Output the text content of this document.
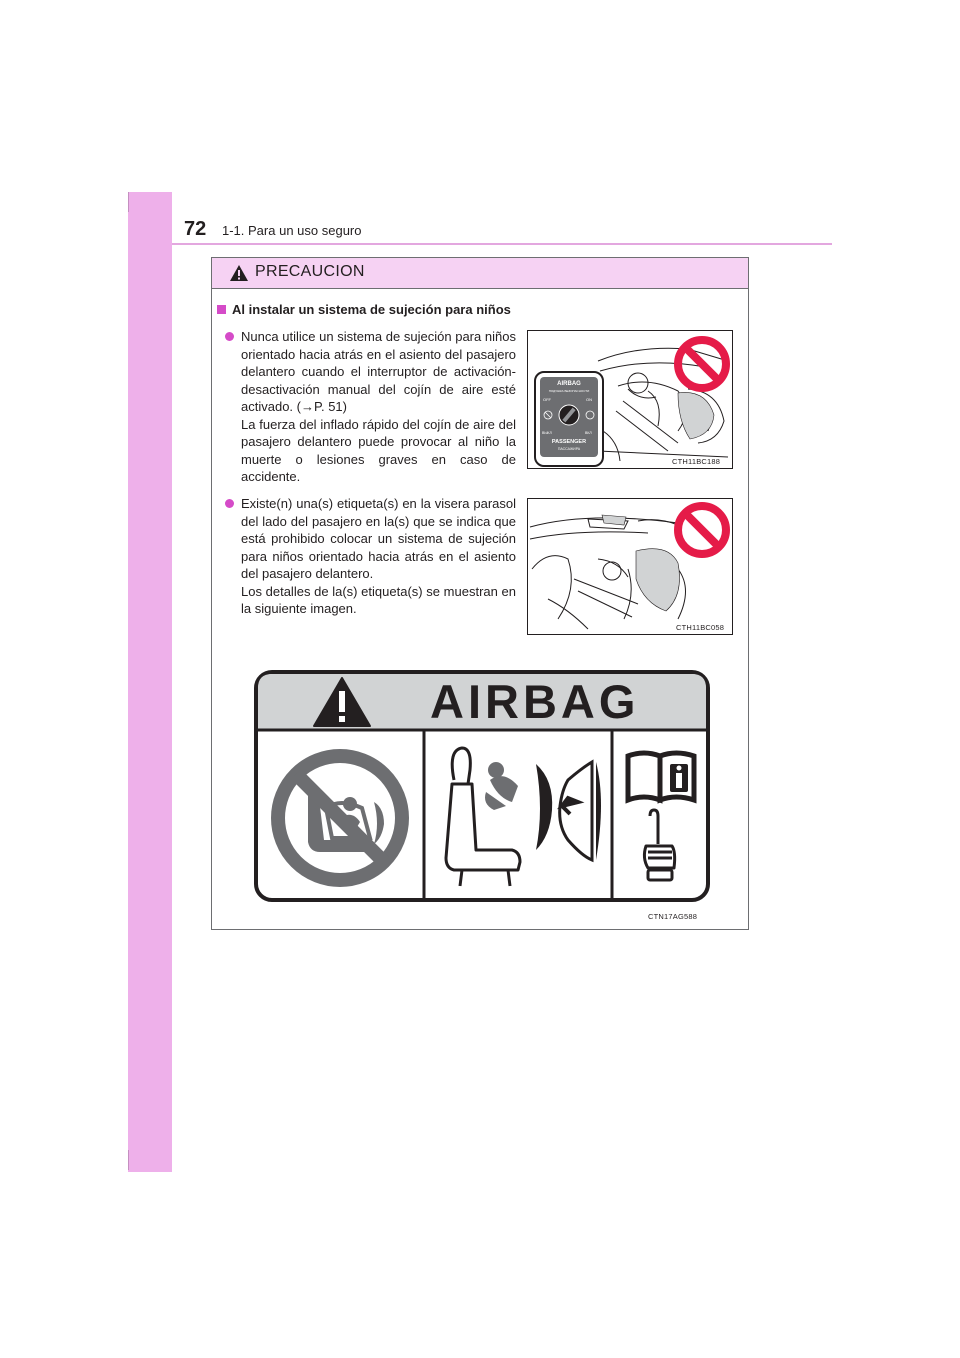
72 1-1. Para un uso seguro
PRECAUCION
Al instalar un sistema de sujeción para niños

Nunca utilice un sistema de sujeción para niños orientado hacia atrás en el asiento del pasajero delantero cuando el interruptor de activación-desactivación manual del cojín de aire esté activado. (→P. 51)

La fuerza del inflado rápido del cojín de aire del pasajero delantero puede provocar al niño la muerte o lesiones graves en caso de accidente.

Existe(n) una(s) etiqueta(s) en la visera parasol del lado del pasajero en la(s) que se indica que está prohibido colocar un sistema de sujeción para niños orientado hacia atrás en el asiento del pasajero delantero.

Los detalles de la(s) etiqueta(s) se muestran en la siguiente imagen.

AIRBAG
ПОДУШКА БЕЗОПАСНОСТИ
OFF	ON
ВЫКЛ	ВКЛ
PASSENGER
ПАССАЖИРА
CTH11BC188
CTH11BC058
AIRBAG
CTN17AG588
